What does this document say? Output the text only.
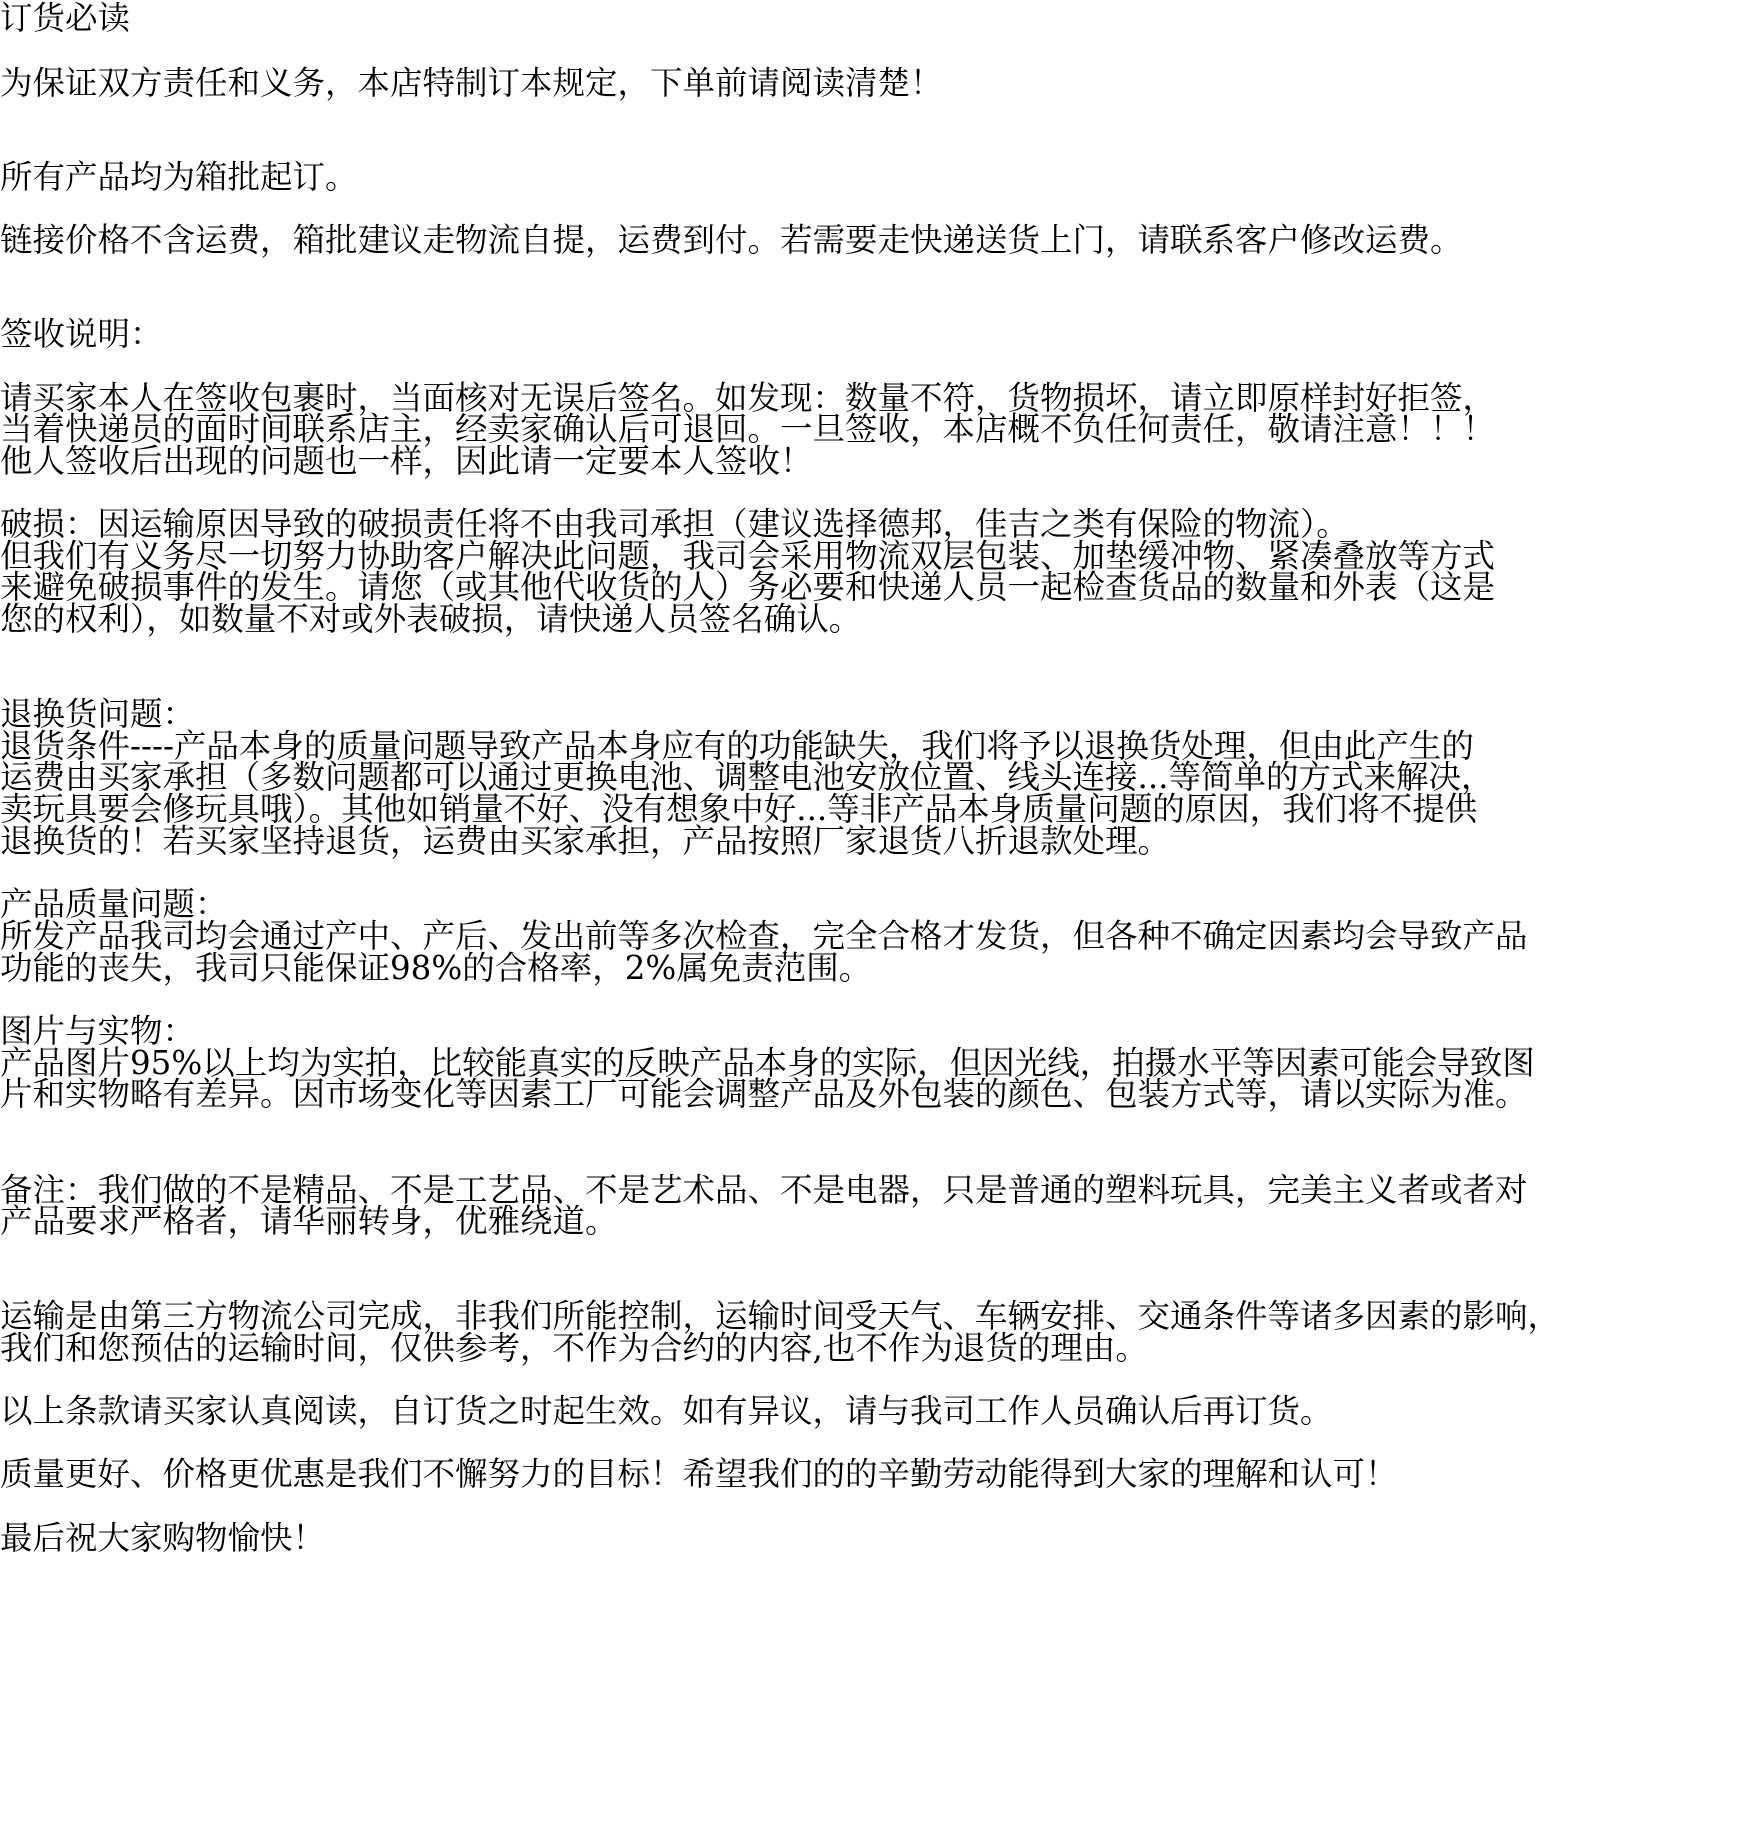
订货必读
为保证双方责任和义务，本店特制订本规定，下单前请阅读清楚！
所有产品均为箱批起订。
链接价格不含运费，箱批建议走物流自提，运费到付。若需要走快递送货上门，请联系客户修改运费。
签收说明：
请买家本人在签收包裹时，当面核对无误后签名。如发现：数量不符，货物损坏，请立即原样封好拒签，
当着快递员的面时间联系店主，经卖家确认后可退回。一旦签收，本店概不负任何责任，敬请注意！！！
他人签收后出现的问题也一样，因此请一定要本人签收！
破损：因运输原因导致的破损责任将不由我司承担（建议选择德邦，佳吉之类有保险的物流）。
但我们有义务尽一切努力协助客户解决此问题，我司会采用物流双层包装、加垫缓冲物、紧凑叠放等方式
来避免破损事件的发生。请您（或其他代收货的人）务必要和快递人员一起检查货品的数量和外表（这是
您的权利），如数量不对或外表破损，请快递人员签名确认。
退换货问题：
退货条件----产品本身的质量问题导致产品本身应有的功能缺失，我们将予以退换货处理，但由此产生的
运费由买家承担（多数问题都可以通过更换电池、调整电池安放位置、线头连接...等简单的方式来解决，
卖玩具要会修玩具哦）。其他如销量不好、没有想象中好...等非产品本身质量问题的原因，我们将不提供
退换货的！若买家坚持退货，运费由买家承担，产品按照厂家退货八折退款处理。
产品质量问题：
所发产品我司均会通过产中、产后、发出前等多次检查，完全合格才发货，但各种不确定因素均会导致产品
功能的丧失，我司只能保证98%的合格率，2%属免责范围。
图片与实物：
产品图片95%以上均为实拍，比较能真实的反映产品本身的实际，但因光线，拍摄水平等因素可能会导致图
片和实物略有差异。因市场变化等因素工厂可能会调整产品及外包装的颜色、包装方式等，请以实际为准。
备注：我们做的不是精品、不是工艺品、不是艺术品、不是电器，只是普通的塑料玩具，完美主义者或者对
产品要求严格者，请华丽转身，优雅绕道。
运输是由第三方物流公司完成，非我们所能控制，运输时间受天气、车辆安排、交通条件等诸多因素的影响，
我们和您预估的运输时间，仅供参考，不作为合约的内容,也不作为退货的理由。
以上条款请买家认真阅读，自订货之时起生效。如有异议，请与我司工作人员确认后再订货。
质量更好、价格更优惠是我们不懈努力的目标！希望我们的的辛勤劳动能得到大家的理解和认可！
最后祝大家购物愉快！
